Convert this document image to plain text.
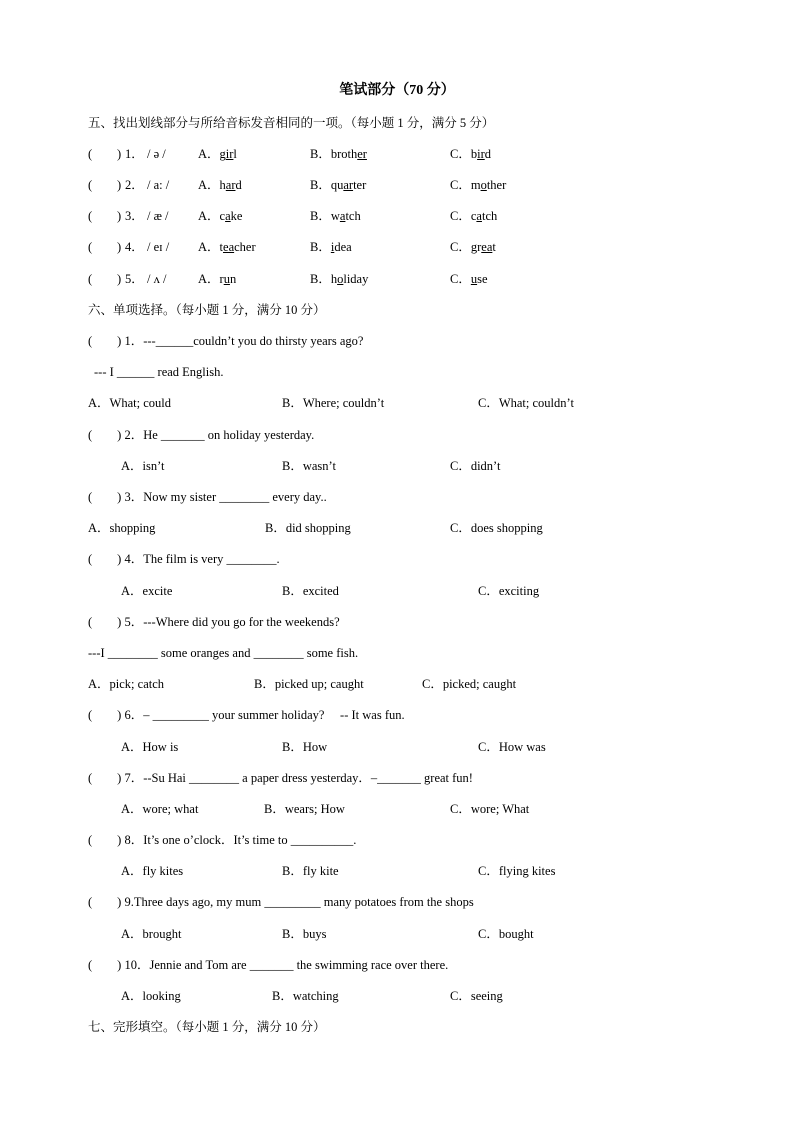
笔试部分（70 分）
五、找出划线部分与所给音标发音相同的一项。（每小题 1 分，满分 5 分）
( ) 1． / ə /	A．girl	B．brother	C．bird
( ) 2． / a: / A．hard	B．quarter	C．mother
( ) 3． / æ / A．cake	B．watch	C．catch
( ) 4． / eɪ / A．teacher	B．idea	C．great
( ) 5． / ʌ /	A．run	B．holiday	C．use
六、单项选择。（每小题 1 分，满分 10 分）
(        ) 1．---______couldn’t you do thirsty years ago?
--- I ______ read English.
A．What; could	B．Where; couldn’t	C．What; couldn’t
(        ) 2．He _______ on holiday yesterday.
A．isn’t	B．wasn’t	C．didn’t
(        ) 3．Now my sister ________ every day..
A．shopping	B．did shopping	C．does shopping
(        ) 4．The film is very ________.
A．excite	B．excited	C．exciting
(        ) 5．---Where did you go for the weekends?
---I ________ some oranges and ________ some fish.
A．pick; catch	B．picked up; caught	C．picked; caught
(        ) 6．– _________ your summer holiday?     -- It was fun.
A．How is	B．How	C．How was
(        ) 7．--Su Hai ________ a paper dress yesterday．–_______ great fun!
A．wore; what	B．wears; How	C．wore; What
(        ) 8．It’s one o’clock．It’s time to __________.
A．fly kites	B．fly kite	C．flying kites
(        ) 9.Three days ago, my mum _________ many potatoes from the shops
A．brought	B．buys	C．bought
(        ) 10．Jennie and Tom are _______ the swimming race over there.
A．looking	B．watching	C．seeing
七、完形填空。（每小题 1 分，满分 10 分）
